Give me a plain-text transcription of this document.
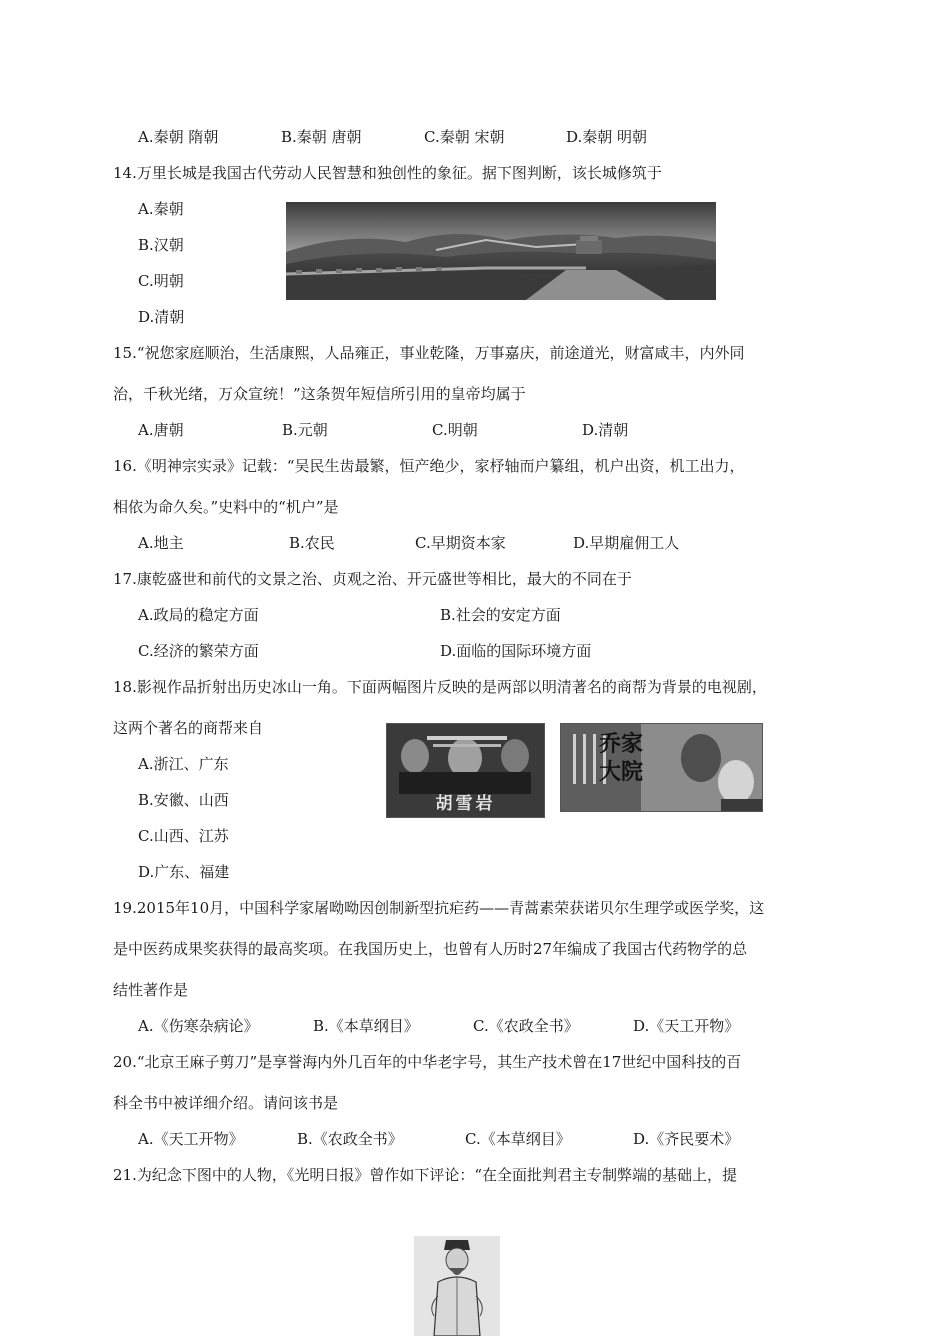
A.秦朝 隋朝	B.秦朝 唐朝	C.秦朝 宋朝	D.秦朝 明朝
14.万里长城是我国古代劳动人民智慧和独创性的象征。据下图判断，该长城修筑于
A.秦朝
B.汉朝
C.明朝
D.清朝
15.“祝您家庭顺治，生活康熙，人品雍正，事业乾隆，万事嘉庆，前途道光，财富咸丰，内外同
治，千秋光绪，万众宣统！”这条贺年短信所引用的皇帝均属于
A.唐朝	B.元朝	C.明朝	D.清朝
16.《明神宗实录》记载：“吴民生齿最繁，恒产绝少，家杼轴而户纂组，机户出资，机工出力，
相依为命久矣。”史料中的“机户”是
A.地主	B.农民	C.早期资本家	D.早期雇佣工人
17.康乾盛世和前代的文景之治、贞观之治、开元盛世等相比，最大的不同在于
A.政局的稳定方面	B.社会的安定方面
C.经济的繁荣方面	D.面临的国际环境方面
18.影视作品折射出历史冰山一角。下面两幅图片反映的是两部以明清著名的商帮为背景的电视剧，
这两个著名的商帮来自
A.浙江、广东
B.安徽、山西
C.山西、江苏
D.广东、福建
胡雪岩
乔家大院
19.2015年10月，中国科学家屠呦呦因创制新型抗疟药——青蒿素荣获诺贝尔生理学或医学奖，这
是中医药成果奖获得的最高奖项。在我国历史上，也曾有人历时27年编成了我国古代药物学的总
结性著作是
A.《伤寒杂病论》	B.《本草纲目》	C.《农政全书》	D.《天工开物》
20.“北京王麻子剪刀”是享誉海内外几百年的中华老字号，其生产技术曾在17世纪中国科技的百
科全书中被详细介绍。请问该书是
A.《天工开物》	B.《农政全书》	C.《本草纲目》	D.《齐民要术》
21.为纪念下图中的人物，《光明日报》曾作如下评论：“在全面批判君主专制弊端的基础上，提
